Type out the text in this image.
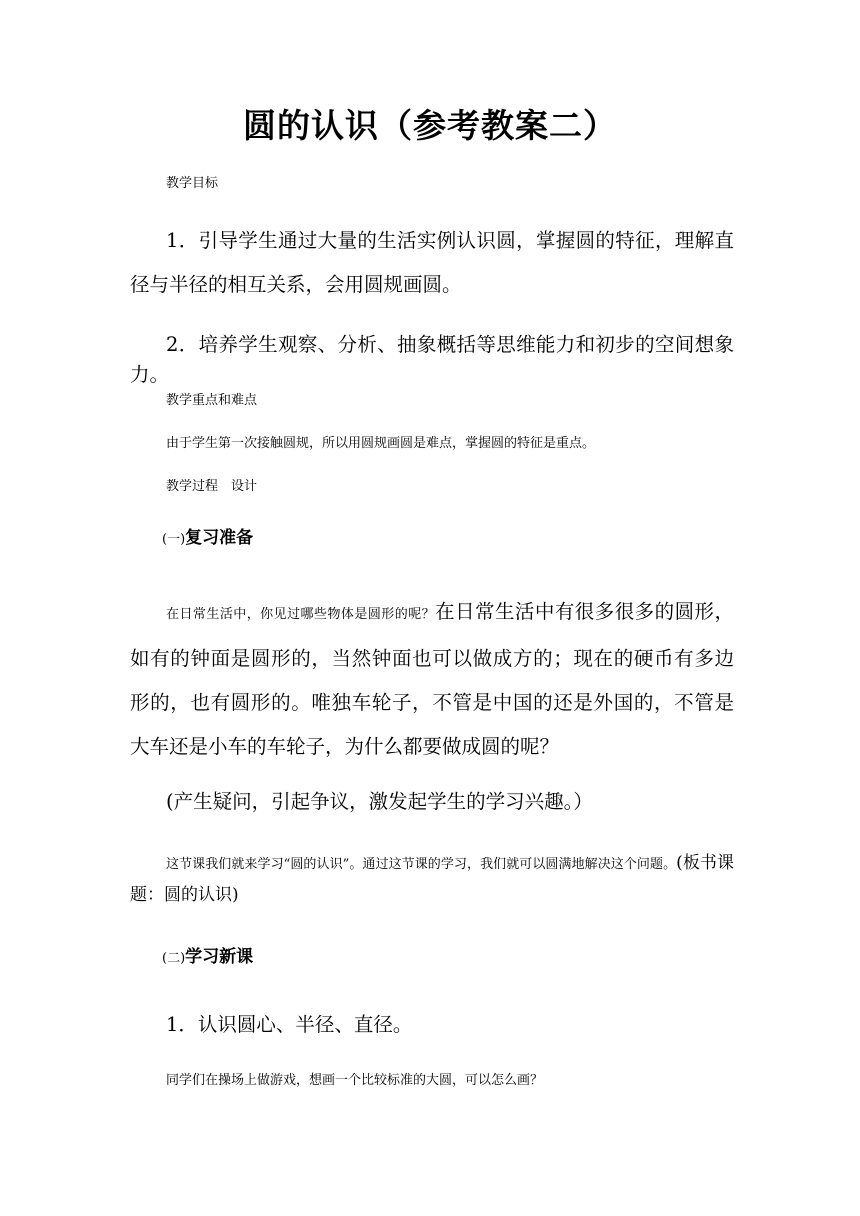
圆的认识（参考教案二）
教学目标

1．引导学生通过大量的生活实例认识圆，掌握圆的特征，理解直径与半径的相互关系，会用圆规画圆。

2．培养学生观察、分析、抽象概括等思维能力和初步的空间想象力。

教学重点和难点
由于学生第一次接触圆规，所以用圆规画圆是难点，掌握圆的特征是重点。
教学过程　设计
(一)复习准备

在日常生活中，你见过哪些物体是圆形的呢？在日常生活中有很多很多的圆形，如有的钟面是圆形的，当然钟面也可以做成方的；现在的硬币有多边形的，也有圆形的。唯独车轮子，不管是中国的还是外国的，不管是大车还是小车的车轮子，为什么都要做成圆的呢？

(产生疑问，引起争议，激发起学生的学习兴趣。）

这节课我们就来学习“圆的认识”。通过这节课的学习，我们就可以圆满地解决这个问题。(板书课题：圆的认识)

(二)学习新课
1．认识圆心、半径、直径。
同学们在操场上做游戏，想画一个比较标准的大圆，可以怎么画？
